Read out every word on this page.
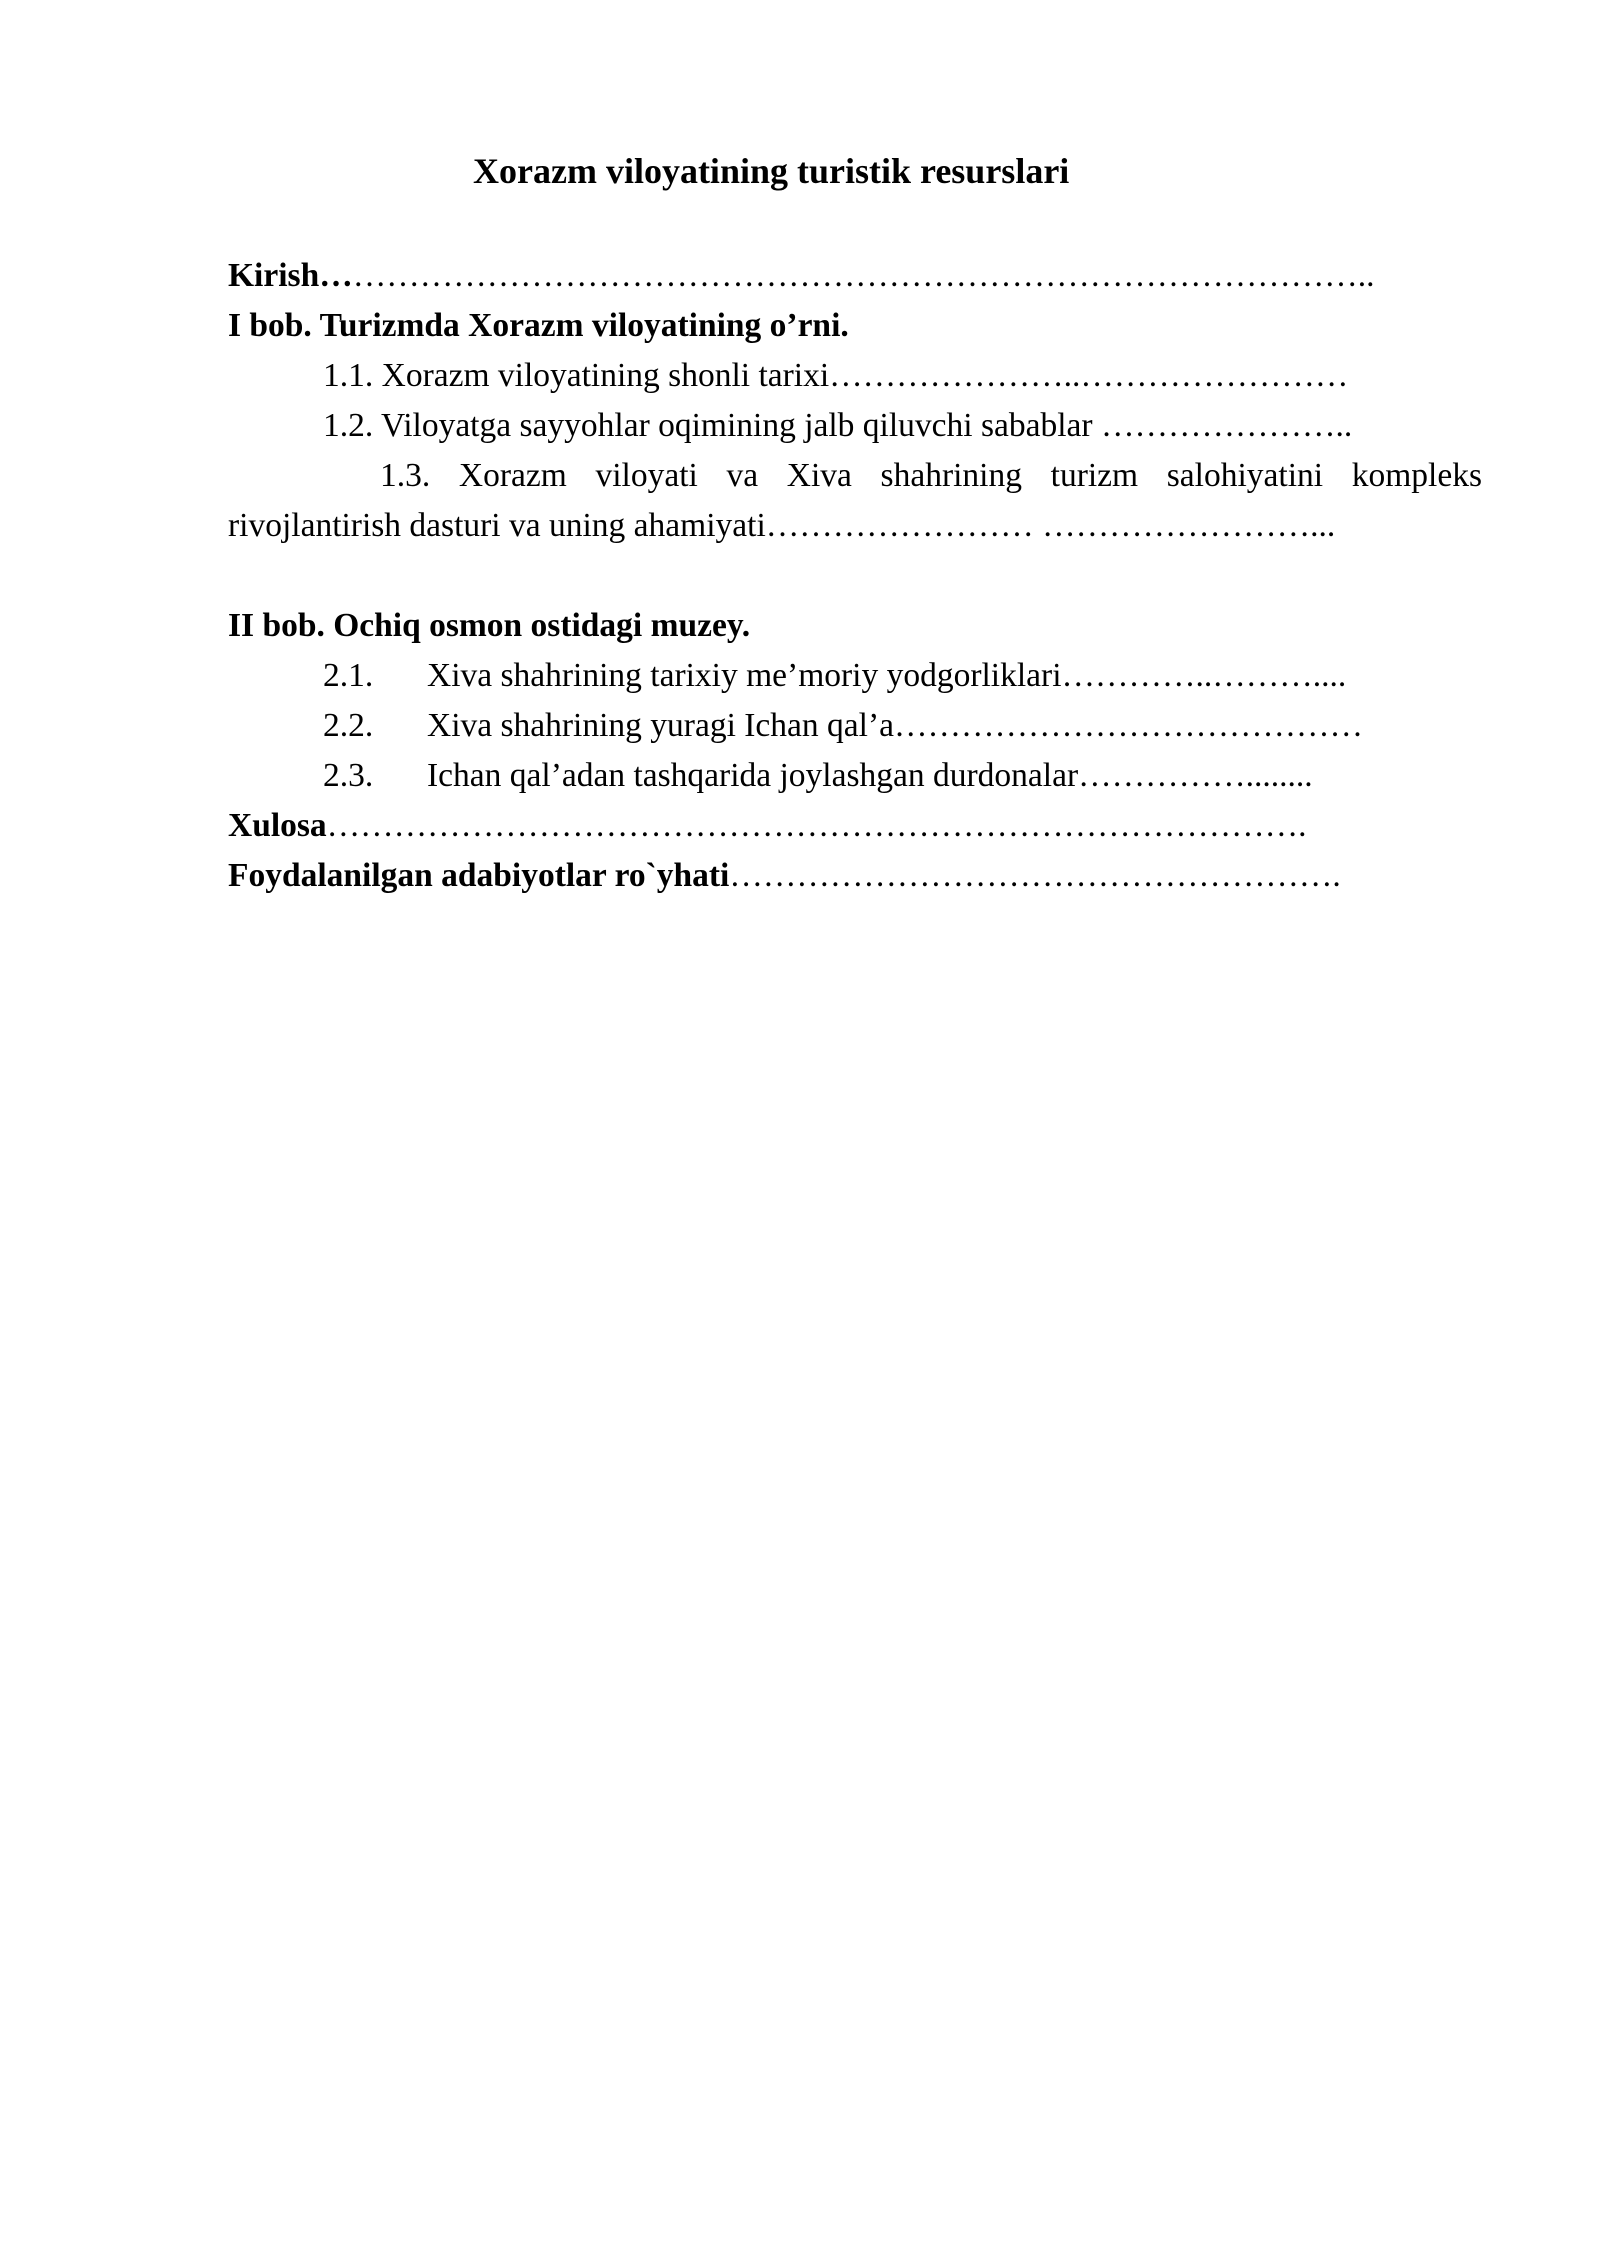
Xorazm viloyatining turistik resurslari
Kirish…………………………………………………………………………………..
I bob. Turizmda Xorazm viloyatining o’rni.
1.1. Xorazm viloyatining shonli tarixi…………………..……………………
1.2. Viloyatga sayyohlar oqimining jalb qiluvchi sabablar …………………..
1.3. Xorazm viloyati va Xiva shahrining turizm salohiyatini kompleks
rivojlantirish dasturi va uning ahamiyati…………………… ……………………...
II bob. Ochiq osmon ostidagi muzey.
2.1. Xiva shahrining tarixiy me’moriy yodgorliklari…………..………....
2.2. Xiva shahrining yuragi Ichan qal’a……………………………………
2.3. Ichan qal’adan tashqarida joylashgan durdonalar……………........
Xulosa…………………………………………………………………………….
Foydalanilgan adabiyotlar ro`yhati……………………………………………….
